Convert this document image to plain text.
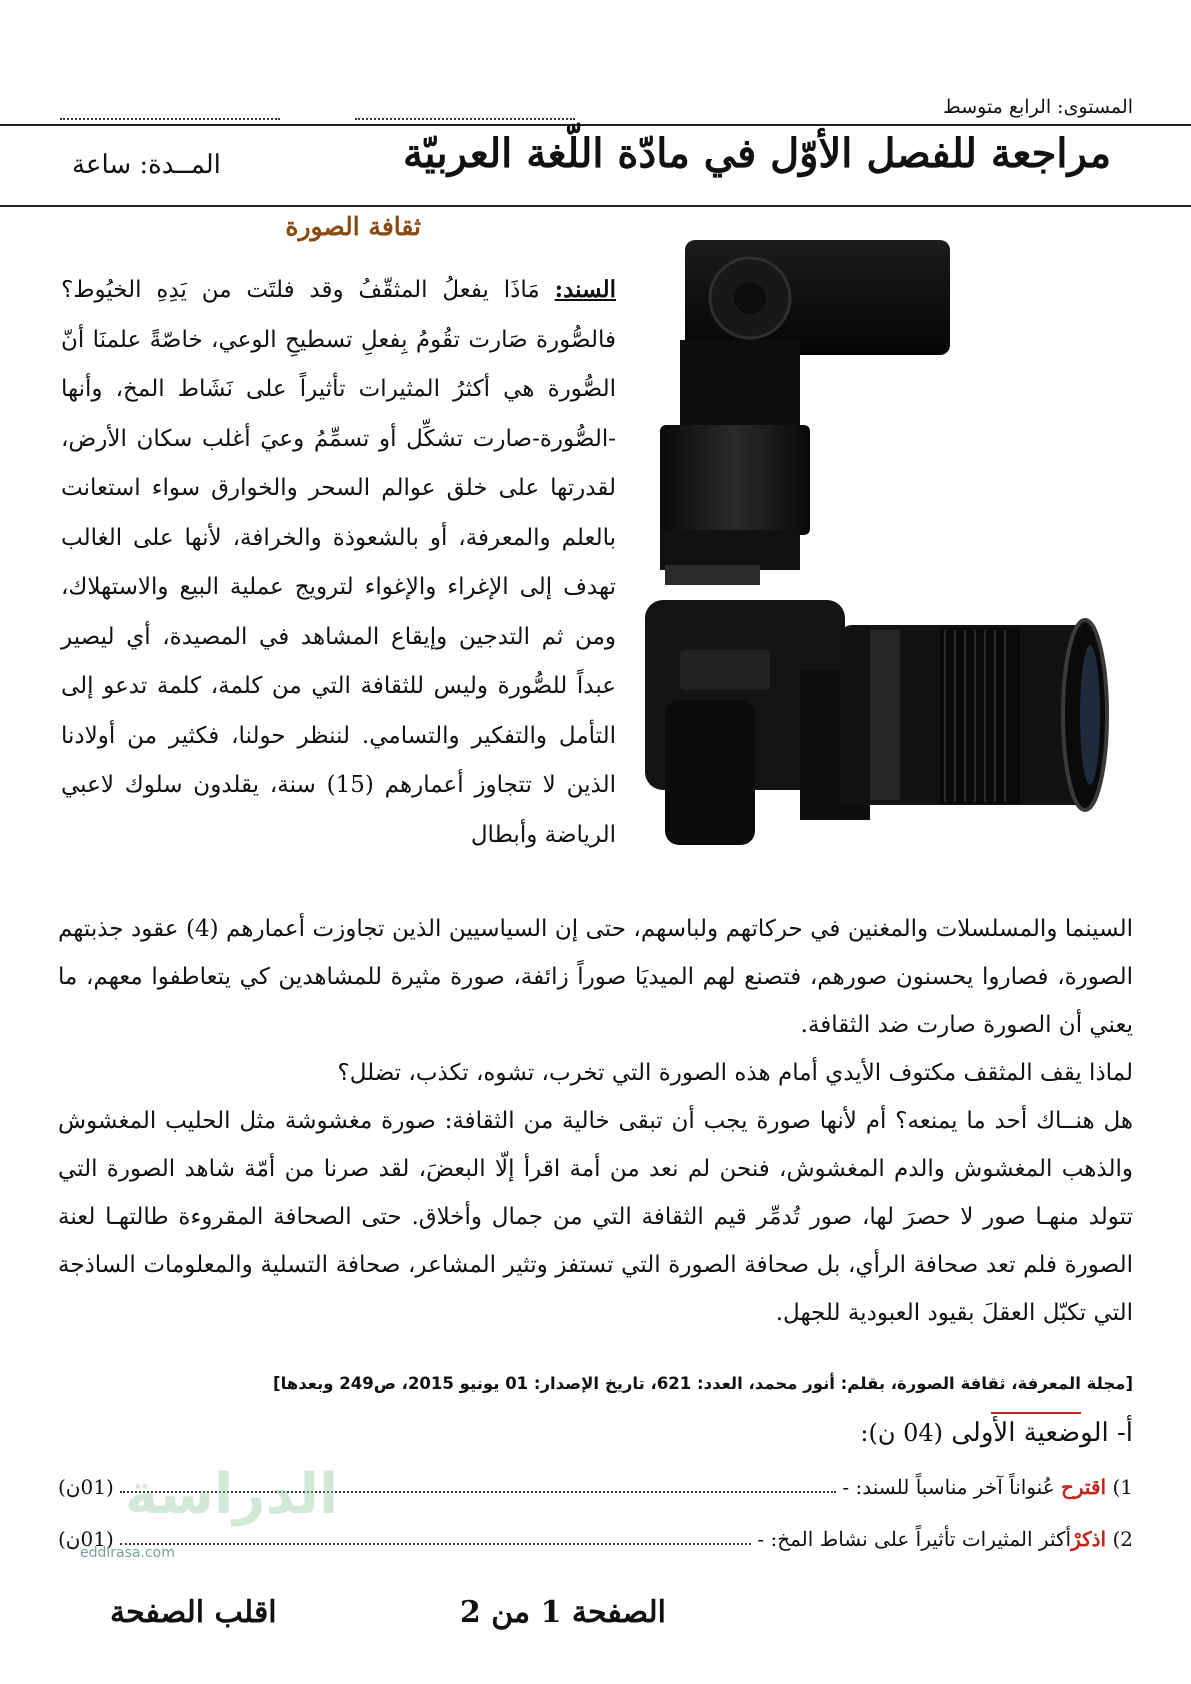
المستوى: الرابع متوسط
مراجعة للفصل الأوّل في مادّة اللّغة العربيّة
المــدة: ساعة
ثقافة الصورة
السند: مَاذَا يفعلُ المثقّفُ وقد فلتَت من يَدِهِ الخيُوط؟ فالصُّورة صَارت تقُومُ بِفعلِ تسطيحِ الوعي، خاصّةً علمنَا أنّ الصُّورة هي أكثرُ المثيرات تأثيراً على نَشَاط المخ، وأنها -الصُّورة-صارت تشكِّل أو تسمِّمُ وعيَ أغلب سكان الأرض، لقدرتها على خلق عوالم السحر والخوارق سواء استعانت بالعلم والمعرفة، أو بالشعوذة والخرافة، لأنها على الغالب تهدف إلى الإغراء والإغواء لترويج عملية البيع والاستهلاك، ومن ثم التدجين وإيقاع المشاهد في المصيدة، أي ليصير عبداً للصُّورة وليس للثقافة التي من كلمة، كلمة تدعو إلى التأمل والتفكير والتسامي. لننظر حولنا، فكثير من أولادنا الذين لا تتجاوز أعمارهم (15) سنة، يقلدون سلوك لاعبي الرياضة وأبطال

السينما والمسلسلات والمغنين في حركاتهم ولباسهم، حتى إن السياسيين الذين تجاوزت أعمارهم (4) عقود جذبتهم الصورة، فصاروا يحسنون صورهم، فتصنع لهم الميديَا صوراً زائفة، صورة مثيرة للمشاهدين كي يتعاطفوا معهم، ما يعني أن الصورة صارت ضد الثقافة.

لماذا يقف المثقف مكتوف الأيدي أمام هذه الصورة التي تخرب، تشوه، تكذب، تضلل؟

هل هنــاك أحد ما يمنعه؟ أم لأنها صورة يجب أن تبقى خالية من الثقافة: صورة مغشوشة مثل الحليب المغشوش والذهب المغشوش والدم المغشوش، فنحن لم نعد من أمة اقرأ إلّا البعضَ، لقد صرنا من أمّة شاهد الصورة التي تتولد منهـا صور لا حصرَ لها، صور تُدمِّر قيم الثقافة التي من جمال وأخلاق. حتى الصحافة المقروءة طالتهـا لعنة الصورة فلم تعد صحافة الرأي، بل صحافة الصورة التي تستفز وتثير المشاعر، صحافة التسلية والمعلومات الساذجة التي تكبّل العقلَ بقيود العبودية للجهل.

[مجلة المعرفة، ثقافة الصورة، بقلم: أنور محمد، العدد: 621، تاريخ الإصدار: 01 يونيو 2015، ص249 وبعدها]
أ- الوضعية الأولى (04 ن):
1) اقترح عُنواناً آخر مناسباً للسند: -
(01ن)
2) اذكرْأكثر المثيرات تأثيراً على نشاط المخ: -
(01ن)
الدراسة
eddirasa.com
الصفحة 1 من 2
اقلب الصفحة
